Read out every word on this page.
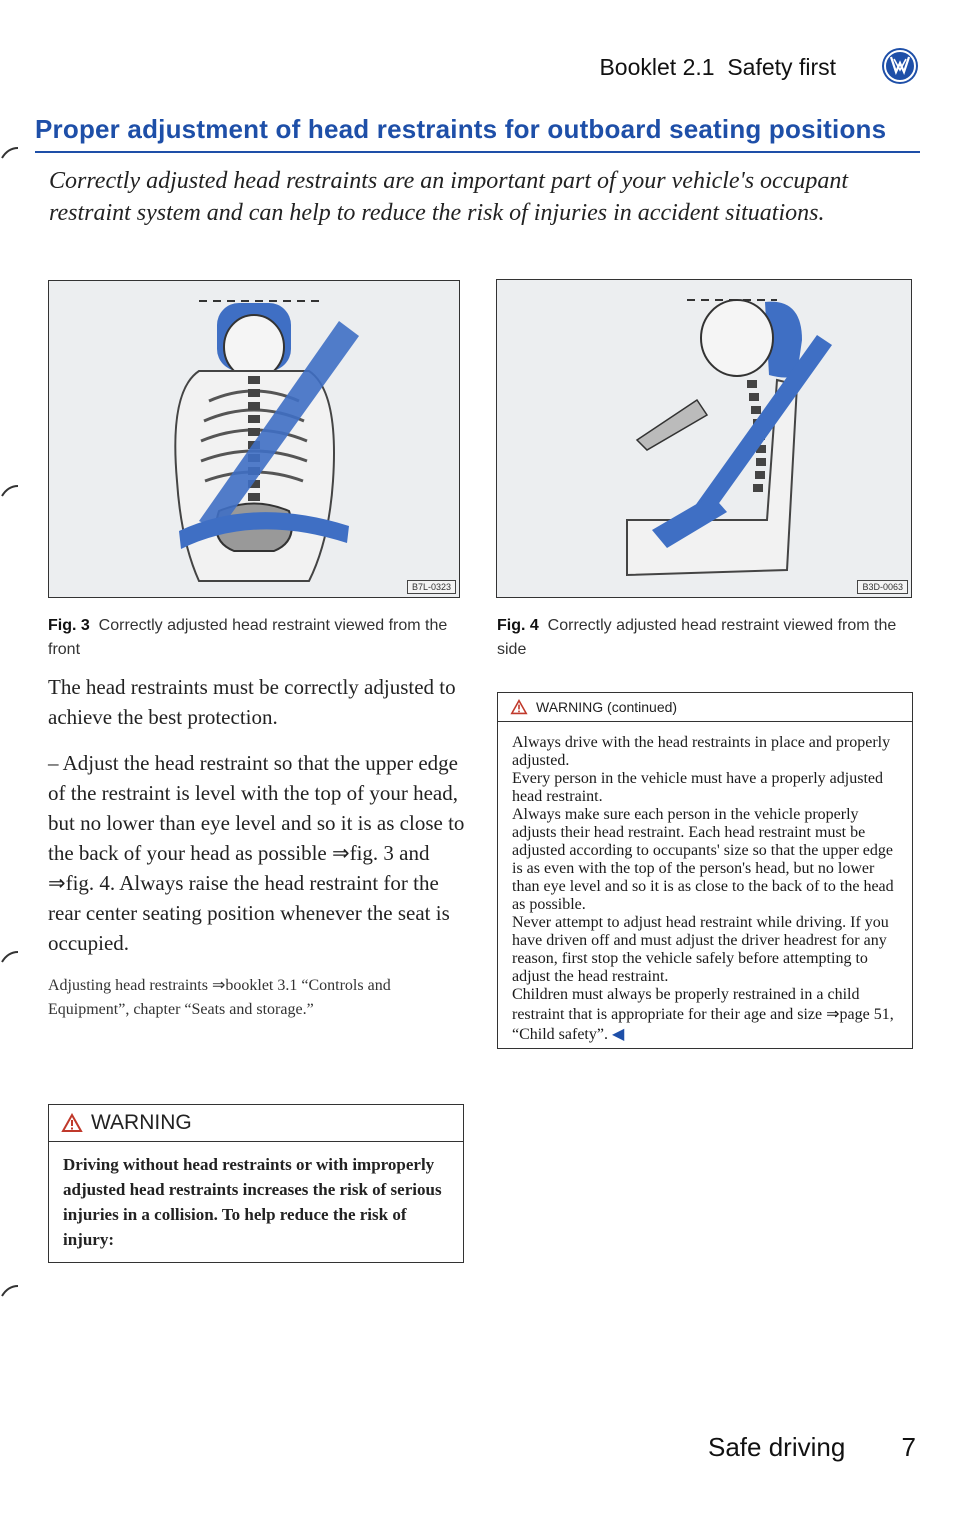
Booklet 2.1 Safety first
Proper adjustment of head restraints for outboard seating positions
Correctly adjusted head restraints are an important part of your vehicle's occupant restraint system and can help to reduce the risk of injuries in accident situations.
B7L-0323	B3D-0063
Fig. 3 Correctly adjusted head restraint viewed from the front
Fig. 4 Correctly adjusted head restraint viewed from the side

The head restraints must be correctly adjusted to achieve the best protection.

– Adjust the head restraint so that the upper edge of the restraint is level with the top of your head, but no lower than eye level and so it is as close to the back of your head as possible ⇒fig. 3 and ⇒fig. 4. Always raise the head restraint for the rear center seating position whenever the seat is occupied.

Adjusting head restraints ⇒booklet 3.1 “Controls and Equipment”, chapter “Seats and storage.”

WARNING
Driving without head restraints or with improperly adjusted head restraints increases the risk of serious injuries in a collision. To help reduce the risk of injury:
WARNING (continued)
Always drive with the head restraints in place and properly adjusted.
Every person in the vehicle must have a properly adjusted head restraint.
Always make sure each person in the vehicle properly adjusts their head restraint. Each head restraint must be adjusted according to occupants' size so that the upper edge is as even with the top of the person's head, but no lower than eye level and so it is as close to the back of to the head as possible.
Never attempt to adjust head restraint while driving. If you have driven off and must adjust the driver headrest for any reason, first stop the vehicle safely before attempting to adjust the head restraint.
Children must always be properly restrained in a child restraint that is appropriate for their age and size ⇒page 51, “Child safety”. ◀
Safe driving 7
